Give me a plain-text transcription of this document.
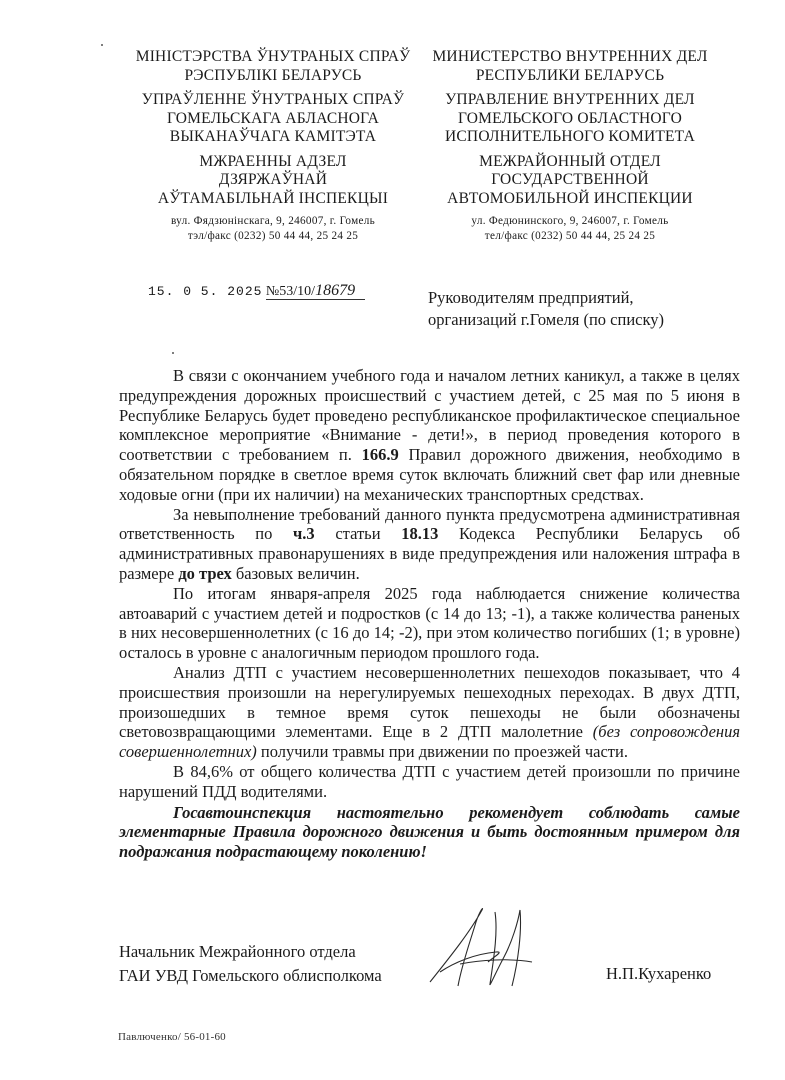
МІНІСТЭРСТВА ЎНУТРАНЫХ СПРАЎ
РЭСПУБЛІКІ БЕЛАРУСЬ
УПРАЎЛЕННЕ ЎНУТРАНЫХ СПРАЎ
ГОМЕЛЬСКАГА АБЛАСНОГА
ВЫКАНАЎЧАГА КАМІТЭТА
МЖРАЕННЫ АДЗЕЛ
ДЗЯРЖАЎНАЙ
АЎТАМАБІЛЬНАЙ ІНСПЕКЦЫІ
вул. Фядзюнінскага, 9, 246007, г. Гомель
тэл/факс (0232) 50 44 44, 25 24 25
МИНИСТЕРСТВО ВНУТРЕННИХ ДЕЛ
РЕСПУБЛИКИ БЕЛАРУСЬ
УПРАВЛЕНИЕ ВНУТРЕННИХ ДЕЛ
ГОМЕЛЬСКОГО ОБЛАСТНОГО
ИСПОЛНИТЕЛЬНОГО КОМИТЕТА
МЕЖРАЙОННЫЙ ОТДЕЛ
ГОСУДАРСТВЕННОЙ
АВТОМОБИЛЬНОЙ ИНСПЕКЦИИ
ул. Федюнинского, 9, 246007, г. Гомель
тел/факс (0232) 50 44 44, 25 24 25
15. 0 5. 2025 №53/10/18679	Руководителям предприятий,
организаций г.Гомеля (по списку)

В связи с окончанием учебного года и началом летних каникул, а также в целях предупреждения дорожных происшествий с участием детей, с 25 мая по 5 июня в Республике Беларусь будет проведено республиканское профилактическое специальное комплексное мероприятие «Внимание - дети!», в период проведения которого в соответствии с требованием п. 166.9 Правил дорожного движения, необходимо в обязательном порядке в светлое время суток включать ближний свет фар или дневные ходовые огни (при их наличии) на механических транспортных средствах.

За невыполнение требований данного пункта предусмотрена административная ответственность по ч.3 статьи 18.13 Кодекса Республики Беларусь об административных правонарушениях в виде предупреждения или наложения штрафа в размере до трех базовых величин.

По итогам января-апреля 2025 года наблюдается снижение количества автоаварий с участием детей и подростков (с 14 до 13; -1), а также количества раненых в них несовершеннолетних (с 16 до 14; -2), при этом количество погибших (1; в уровне) осталось в уровне с аналогичным периодом прошлого года.

Анализ ДТП с участием несовершеннолетних пешеходов показывает, что 4 происшествия произошли на нерегулируемых пешеходных переходах. В двух ДТП, произошедших в темное время суток пешеходы не были обозначены световозвращающими элементами. Еще в 2 ДТП малолетние (без сопровождения совершеннолетних) получили травмы при движении по проезжей части.

В 84,6% от общего количества ДТП с участием детей произошли по причине нарушений ПДД водителями.

Госавтоинспекция настоятельно рекомендует соблюдать самые элементарные Правила дорожного движения и быть достоянным примером для подражания подрастающему поколению!

Начальник Межрайонного отдела
ГАИ УВД Гомельского облисполкома	Н.П.Кухаренко
Павлюченко/ 56-01-60
